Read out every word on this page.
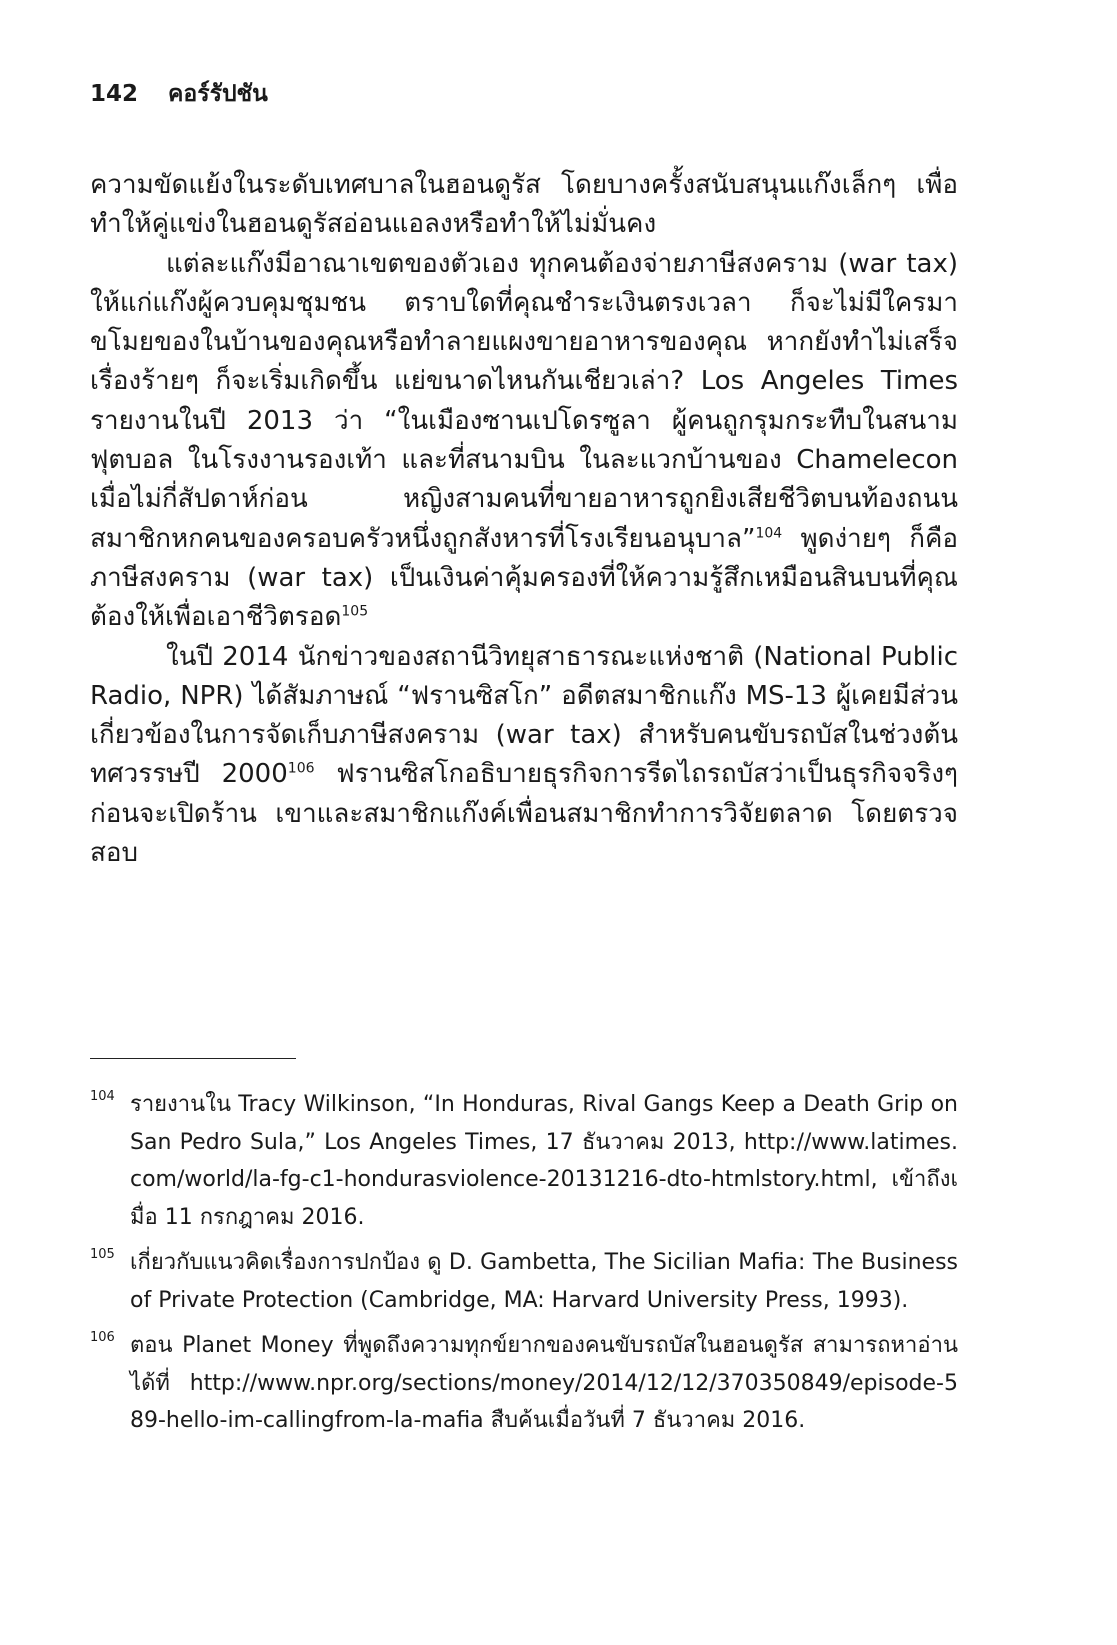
142 คอร์รัปชัน

ความขัดแย้งในระดับเทศบาลในฮอนดูรัส โดยบางครั้งสนับสนุนแก๊งเล็กๆ เพื่อทำให้คู่แข่งในฮอนดูรัสอ่อนแอลงหรือทำให้ไม่มั่นคง

แต่ละแก๊งมีอาณาเขตของตัวเอง ทุกคนต้องจ่ายภาษีสงคราม (war tax) ให้แก่แก๊งผู้ควบคุมชุมชน ตราบใดที่คุณชำระเงินตรงเวลา ก็จะไม่มีใครมาขโมยของในบ้านของคุณหรือทำลายแผงขายอาหารของคุณ หากยังทำไม่เสร็จ เรื่องร้ายๆ ก็จะเริ่มเกิดขึ้น แย่ขนาดไหนกันเชียวเล่า? Los Angeles Times รายงานในปี 2013 ว่า “ในเมืองซานเปโดรซูลา ผู้คนถูกรุมกระทืบในสนามฟุตบอล ในโรงงานรองเท้า และที่สนามบิน ในละแวกบ้านของ Chamelecon เมื่อไม่กี่สัปดาห์ก่อน หญิงสามคนที่ขายอาหารถูกยิงเสียชีวิตบนท้องถนน สมาชิกหกคนของครอบครัวหนึ่งถูกสังหารที่โรงเรียนอนุบาล”$^{104}$ พูดง่ายๆ ก็คือ ภาษีสงคราม (war tax) เป็นเงินค่าคุ้มครองที่ให้ความรู้สึกเหมือนสินบนที่คุณต้องให้เพื่อเอาชีวิตรอด$^{105}$

ในปี 2014 นักข่าวของสถานีวิทยุสาธารณะแห่งชาติ (National Public Radio, NPR) ได้สัมภาษณ์ “ฟรานซิสโก” อดีตสมาชิกแก๊ง MS-13 ผู้เคยมีส่วนเกี่ยวข้องในการจัดเก็บภาษีสงคราม (war tax) สำหรับคนขับรถบัสในช่วงต้นทศวรรษปี 2000$^{106}$ ฟรานซิสโกอธิบายธุรกิจการรีดไถรถบัสว่าเป็นธุรกิจจริงๆ ก่อนจะเปิดร้าน เขาและสมาชิกแก๊งค์เพื่อนสมาชิกทำการวิจัยตลาด โดยตรวจสอบ

104 รายงานใน Tracy Wilkinson, “In Honduras, Rival Gangs Keep a Death Grip on San Pedro Sula,” Los Angeles Times, 17 ธันวาคม 2013, http://www.latimes.com/world/la-fg-c1-hondurasviolence-20131216-dto-htmlstory.html, เข้าถึงเมื่อ 11 กรกฎาคม 2016.
105 เกี่ยวกับแนวคิดเรื่องการปกป้อง ดู D. Gambetta, The Sicilian Mafia: The Business of Private Protection (Cambridge, MA: Harvard University Press, 1993).
106 ตอน Planet Money ที่พูดถึงความทุกข์ยากของคนขับรถบัสในฮอนดูรัส สามารถหาอ่านได้ที่ http://www.npr.org/sections/money/2014/12/12/370350849/episode-589-hello-im-callingfrom-la-mafia สืบค้นเมื่อวันที่ 7 ธันวาคม 2016.
